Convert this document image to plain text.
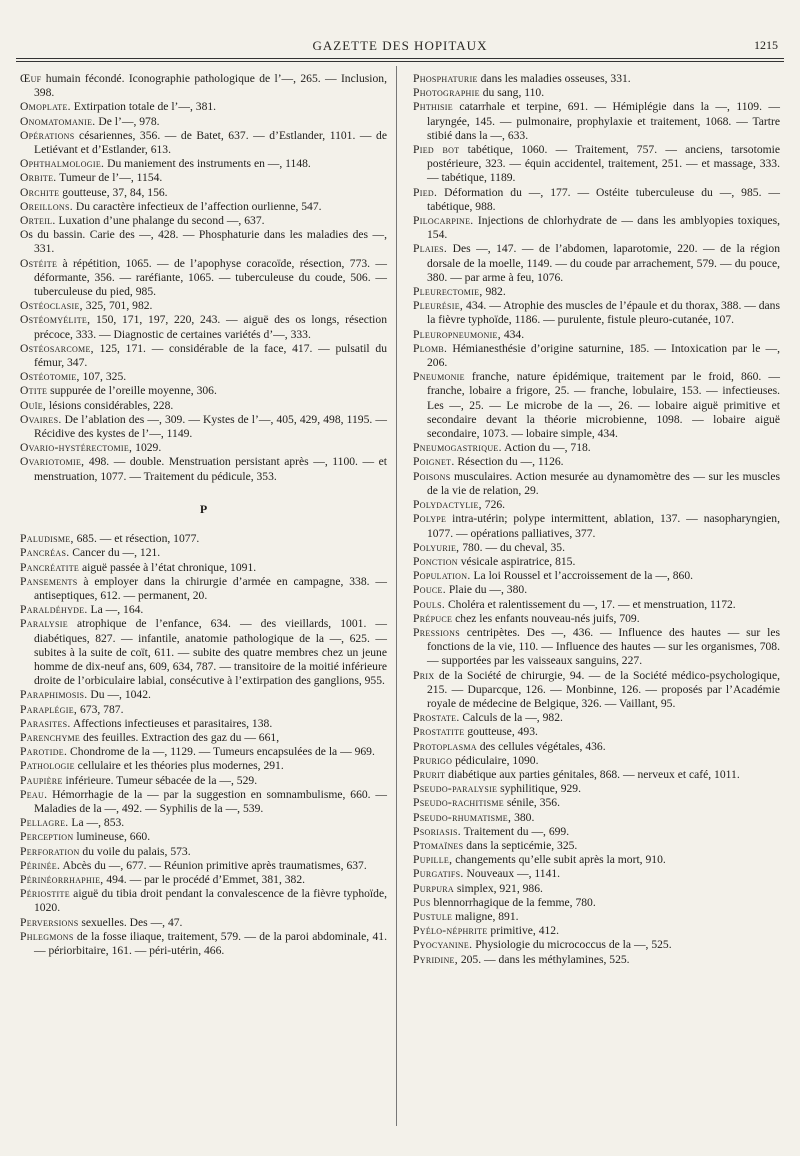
GAZETTE DES HOPITAUX	1215

Œuf humain fécondé. Iconographie pathologique de l’—, 265. — Inclusion, 398.

Omoplate. Extirpation totale de l’—, 381.

Onomatomanie. De l’—, 978.

Opérations césariennes, 356. — de Batet, 637. — d’Estlander, 1101. — de Letiévant et d’Estlander, 613.

Ophthalmologie. Du maniement des instruments en —, 1148.

Orbite. Tumeur de l’—, 1154.

Orchite goutteuse, 37, 84, 156.

Oreillons. Du caractère infectieux de l’affection ourlienne, 547.

Orteil. Luxation d’une phalange du second —, 637.

Os du bassin. Carie des —, 428. — Phosphaturie dans les maladies des —, 331.

Ostéite à répétition, 1065. — de l’apophyse coracoïde, résection, 773. — déformante, 356. — raréfiante, 1065. — tuberculeuse du coude, 506. — tuberculeuse du pied, 985.

Ostéoclasie, 325, 701, 982.

Ostéomyélite, 150, 171, 197, 220, 243. — aiguë des os longs, résection précoce, 333. — Diagnostic de certaines variétés d’—, 333.

Ostéosarcome, 125, 171. — considérable de la face, 417. — pulsatil du fémur, 347.

Ostéotomie, 107, 325.

Otite suppurée de l’oreille moyenne, 306.

Ouïe, lésions considérables, 228.

Ovaires. De l’ablation des —, 309. — Kystes de l’—, 405, 429, 498, 1195. — Récidive des kystes de l’—, 1149.

Ovario-hystérectomie, 1029.

Ovariotomie, 498. — double. Menstruation persistant après —, 1100. — et menstruation, 1077. — Traitement du pédicule, 353.

P

Paludisme, 685. — et résection, 1077.

Pancréas. Cancer du —, 121.

Pancréatite aiguë passée à l’état chronique, 1091.

Pansements à employer dans la chirurgie d’armée en campagne, 338. — antiseptiques, 612. — permanent, 20.

Paraldéhyde. La —, 164.

Paralysie atrophique de l’enfance, 634. — des vieillards, 1001. — diabétiques, 827. — infantile, anatomie pathologique de la —, 625. — subites à la suite de coït, 611. — subite des quatre membres chez un jeune homme de dix-neuf ans, 609, 634, 787. — transitoire de la moitié inférieure droite de l’orbiculaire labial, consécutive à l’extirpation des ganglions, 955.

Paraphimosis. Du —, 1042.

Paraplégie, 673, 787.

Parasites. Affections infectieuses et parasitaires, 138.

Parenchyme des feuilles. Extraction des gaz du — 661,

Parotide. Chondrome de la —, 1129. — Tumeurs encapsulées de la — 969.

Pathologie cellulaire et les théories plus modernes, 291.

Paupière inférieure. Tumeur sébacée de la —, 529.

Peau. Hémorrhagie de la — par la suggestion en somnambulisme, 660. — Maladies de la —, 492. — Syphilis de la —, 539.

Pellagre. La —, 853.

Perception lumineuse, 660.

Perforation du voile du palais, 573.

Périnée. Abcès du —, 677. — Réunion primitive après traumatismes, 637.

Périnéorrhaphie, 494. — par le procédé d’Emmet, 381, 382.

Périostite aiguë du tibia droit pendant la convalescence de la fièvre typhoïde, 1020.

Perversions sexuelles. Des —, 47.

Phlegmons de la fosse iliaque, traitement, 579. — de la paroi abdominale, 41. — périorbitaire, 161. — péri-utérin, 466.

Phosphaturie dans les maladies osseuses, 331.

Photographie du sang, 110.

Phthisie catarrhale et terpine, 691. — Hémiplégie dans la —, 1109. — laryngée, 145. — pulmonaire, prophylaxie et traitement, 1068. — Tartre stibié dans la —, 633.

Pied bot tabétique, 1060. — Traitement, 757. — anciens, tarsotomie postérieure, 323. — équin accidentel, traitement, 251. — et massage, 333. — tabétique, 1189.

Pied. Déformation du —, 177. — Ostéite tuberculeuse du —, 985. — tabétique, 988.

Pilocarpine. Injections de chlorhydrate de — dans les amblyopies toxiques, 154.

Plaies. Des —, 147. — de l’abdomen, laparotomie, 220. — de la région dorsale de la moelle, 1149. — du coude par arrachement, 579. — du pouce, 380. — par arme à feu, 1076.

Pleurectomie, 982.

Pleurésie, 434. — Atrophie des muscles de l’épaule et du thorax, 388. — dans la fièvre typhoïde, 1186. — purulente, fistule pleuro-cutanée, 107.

Pleuropneumonie, 434.

Plomb. Hémianesthésie d’origine saturnine, 185. — Intoxication par le —, 206.

Pneumonie franche, nature épidémique, traitement par le froid, 860. — franche, lobaire a frigore, 25. — franche, lobulaire, 153. — infectieuses. Les —, 25. — Le microbe de la —, 26. — lobaire aiguë primitive et secondaire devant la théorie microbienne, 1098. — lobaire aiguë secondaire, 1073. — lobaire simple, 434.

Pneumogastrique. Action du —, 718.

Poignet. Résection du —, 1126.

Poisons musculaires. Action mesurée au dynamomètre des — sur les muscles de la vie de relation, 29.

Polydactylie, 726.

Polype intra-utérin; polype intermittent, ablation, 137. — nasopharyngien, 1077. — opérations palliatives, 377.

Polyurie, 780. — du cheval, 35.

Ponction vésicale aspiratrice, 815.

Population. La loi Roussel et l’accroissement de la —, 860.

Pouce. Plaie du —, 380.

Pouls. Choléra et ralentissement du —, 17. — et menstruation, 1172.

Prépuce chez les enfants nouveau-nés juifs, 709.

Pressions centripètes. Des —, 436. — Influence des hautes — sur les fonctions de la vie, 110. — Influence des hautes — sur les organismes, 708. — supportées par les vaisseaux sanguins, 227.

Prix de la Société de chirurgie, 94. — de la Société médico-psychologique, 215. — Duparcque, 126. — Monbinne, 126. — proposés par l’Académie royale de médecine de Belgique, 326. — Vaillant, 95.

Prostate. Calculs de la —, 982.

Prostatite goutteuse, 493.

Protoplasma des cellules végétales, 436.

Prurigo pédiculaire, 1090.

Prurit diabétique aux parties génitales, 868. — nerveux et café, 1011.

Pseudo-paralysie syphilitique, 929.

Pseudo-rachitisme sénile, 356.

Pseudo-rhumatisme, 380.

Psoriasis. Traitement du —, 699.

Ptomaïnes dans la septicémie, 325.

Pupille, changements qu’elle subit après la mort, 910.

Purgatifs. Nouveaux —, 1141.

Purpura simplex, 921, 986.

Pus blennorrhagique de la femme, 780.

Pustule maligne, 891.

Pyélo-néphrite primitive, 412.

Pyocyanine. Physiologie du micrococcus de la —, 525.

Pyridine, 205. — dans les méthylamines, 525.
